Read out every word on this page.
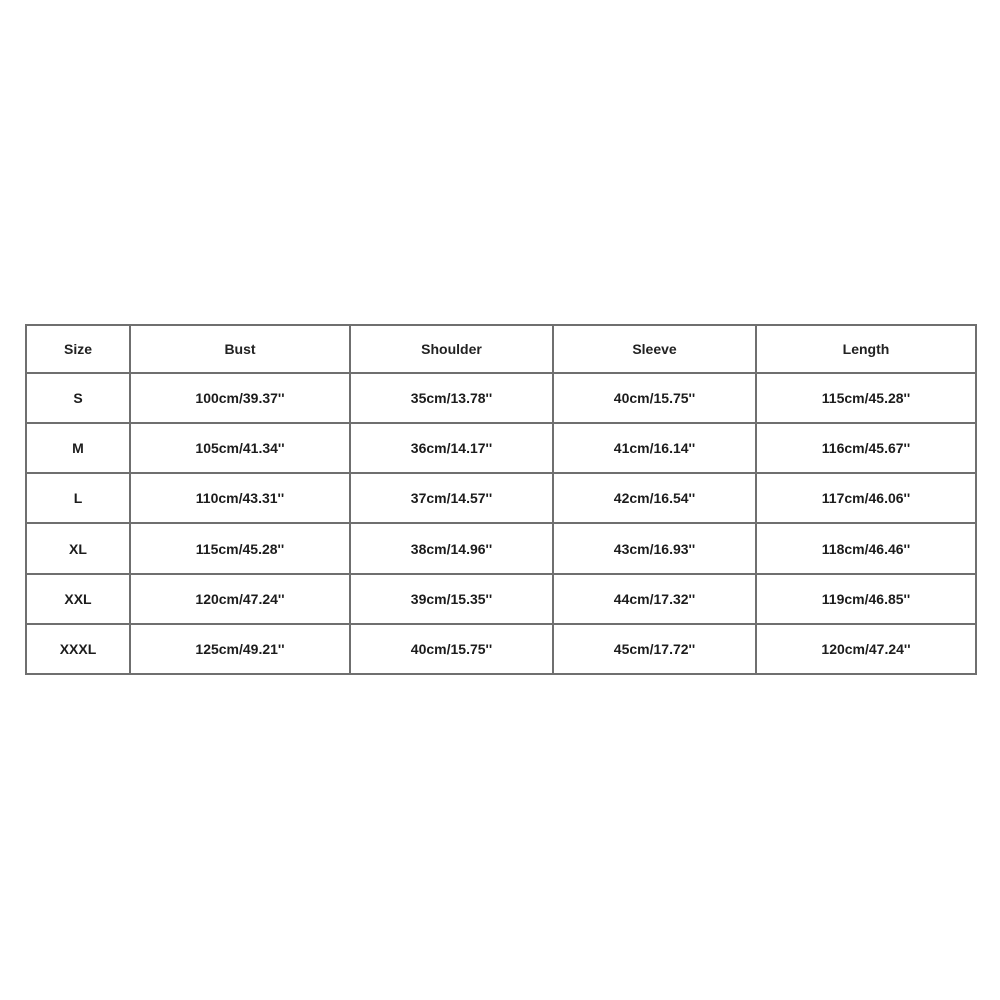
Size	Bust	Shoulder	Sleeve	Length
S	100cm/39.37''	35cm/13.78''	40cm/15.75''	115cm/45.28''
M	105cm/41.34''	36cm/14.17''	41cm/16.14''	116cm/45.67''
L	110cm/43.31''	37cm/14.57''	42cm/16.54''	117cm/46.06''
XL	115cm/45.28''	38cm/14.96''	43cm/16.93''	118cm/46.46''
XXL	120cm/47.24''	39cm/15.35''	44cm/17.32''	119cm/46.85''
XXXL	125cm/49.21''	40cm/15.75''	45cm/17.72''	120cm/47.24''
